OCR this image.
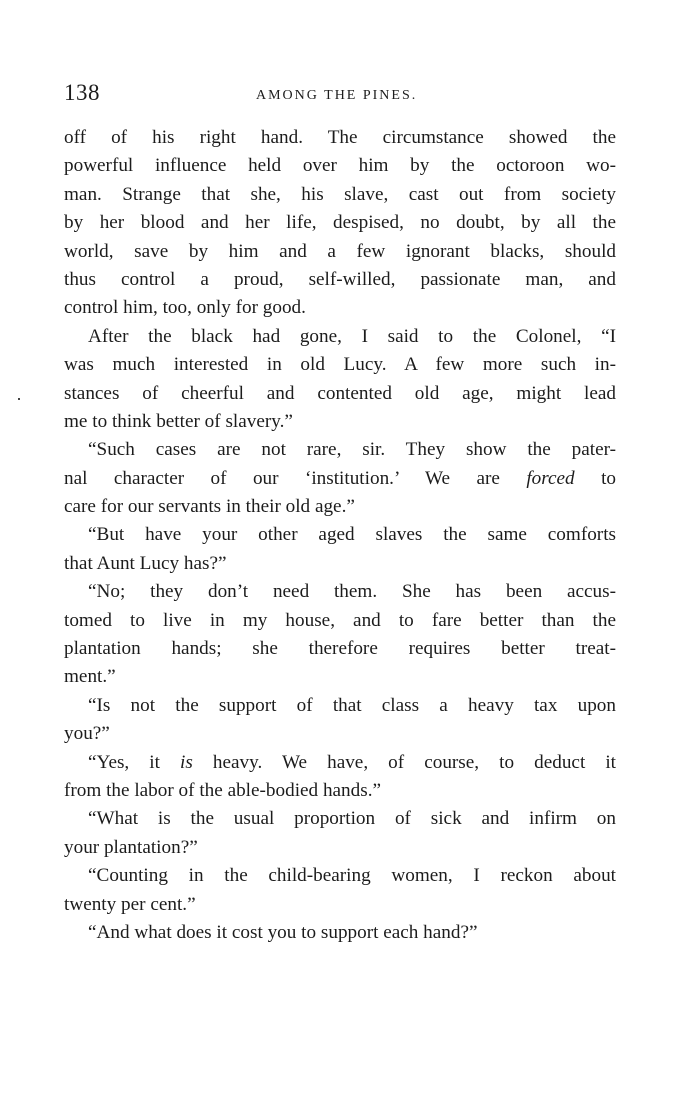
138	AMONG THE PINES.
off of his right hand. The circumstance showed the
powerful influence held over him by the octoroon wo-
man. Strange that she, his slave, cast out from society
by her blood and her life, despised, no doubt, by all the
world, save by him and a few ignorant blacks, should
thus control a proud, self-willed, passionate man, and
control him, too, only for good.
After the black had gone, I said to the Colonel, “I
was much interested in old Lucy. A few more such in-
stances of cheerful and contented old age, might lead
me to think better of slavery.”
“Such cases are not rare, sir. They show the pater-
nal character of our ‘institution.’ We are forced to
care for our servants in their old age.”
“But have your other aged slaves the same comforts
that Aunt Lucy has?”
“No; they don’t need them. She has been accus-
tomed to live in my house, and to fare better than the
plantation hands; she therefore requires better treat-
ment.”
“Is not the support of that class a heavy tax upon
you?”
“Yes, it is heavy. We have, of course, to deduct it
from the labor of the able-bodied hands.”
“What is the usual proportion of sick and infirm on
your plantation?”
“Counting in the child-bearing women, I reckon about
twenty per cent.”
“And what does it cost you to support each hand?”
